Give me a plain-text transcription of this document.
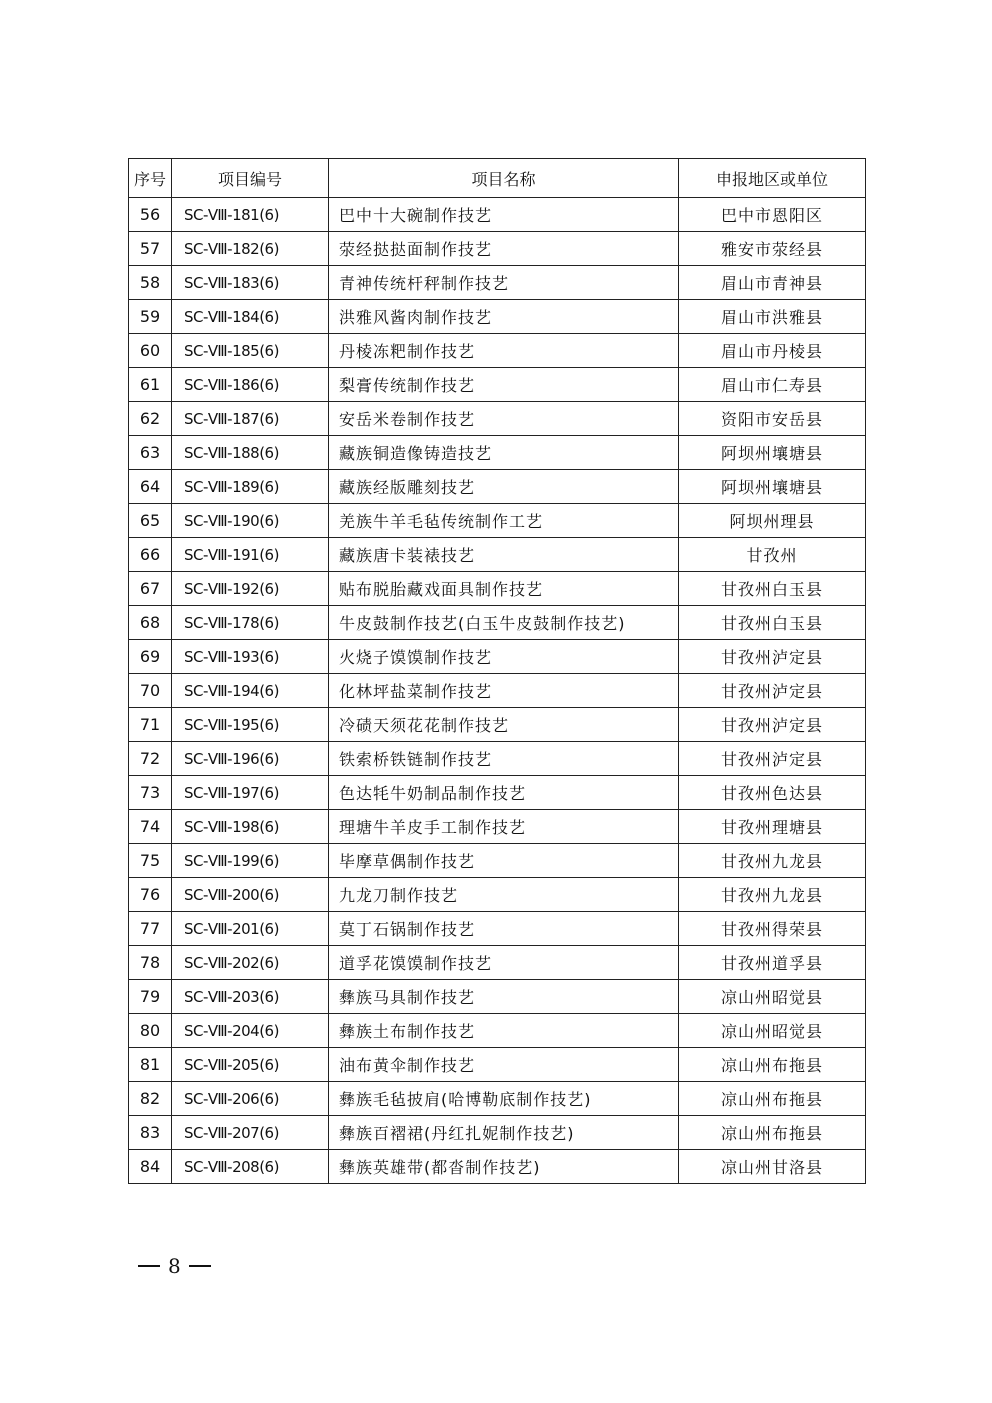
序号	项目编号	项目名称	申报地区或单位
56	SC-Ⅷ-181(6)	巴中十大碗制作技艺	巴中市恩阳区
57	SC-Ⅷ-182(6)	荥经挞挞面制作技艺	雅安市荥经县
58	SC-Ⅷ-183(6)	青神传统杆秤制作技艺	眉山市青神县
59	SC-Ⅷ-184(6)	洪雅风酱肉制作技艺	眉山市洪雅县
60	SC-Ⅷ-185(6)	丹棱冻粑制作技艺	眉山市丹棱县
61	SC-Ⅷ-186(6)	梨膏传统制作技艺	眉山市仁寿县
62	SC-Ⅷ-187(6)	安岳米卷制作技艺	资阳市安岳县
63	SC-Ⅷ-188(6)	藏族铜造像铸造技艺	阿坝州壤塘县
64	SC-Ⅷ-189(6)	藏族经版雕刻技艺	阿坝州壤塘县
65	SC-Ⅷ-190(6)	羌族牛羊毛毡传统制作工艺	阿坝州理县
66	SC-Ⅷ-191(6)	藏族唐卡装裱技艺	甘孜州
67	SC-Ⅷ-192(6)	贴布脱胎藏戏面具制作技艺	甘孜州白玉县
68	SC-Ⅷ-178(6)	牛皮鼓制作技艺(白玉牛皮鼓制作技艺)	甘孜州白玉县
69	SC-Ⅷ-193(6)	火烧子馍馍制作技艺	甘孜州泸定县
70	SC-Ⅷ-194(6)	化林坪盐菜制作技艺	甘孜州泸定县
71	SC-Ⅷ-195(6)	冷碛天须花花制作技艺	甘孜州泸定县
72	SC-Ⅷ-196(6)	铁索桥铁链制作技艺	甘孜州泸定县
73	SC-Ⅷ-197(6)	色达牦牛奶制品制作技艺	甘孜州色达县
74	SC-Ⅷ-198(6)	理塘牛羊皮手工制作技艺	甘孜州理塘县
75	SC-Ⅷ-199(6)	毕摩草偶制作技艺	甘孜州九龙县
76	SC-Ⅷ-200(6)	九龙刀制作技艺	甘孜州九龙县
77	SC-Ⅷ-201(6)	莫丁石锅制作技艺	甘孜州得荣县
78	SC-Ⅷ-202(6)	道孚花馍馍制作技艺	甘孜州道孚县
79	SC-Ⅷ-203(6)	彝族马具制作技艺	凉山州昭觉县
80	SC-Ⅷ-204(6)	彝族土布制作技艺	凉山州昭觉县
81	SC-Ⅷ-205(6)	油布黄伞制作技艺	凉山州布拖县
82	SC-Ⅷ-206(6)	彝族毛毡披肩(哈博勒底制作技艺)	凉山州布拖县
83	SC-Ⅷ-207(6)	彝族百褶裙(丹红扎妮制作技艺)	凉山州布拖县
84	SC-Ⅷ-208(6)	彝族英雄带(都沓制作技艺)	凉山州甘洛县
8
